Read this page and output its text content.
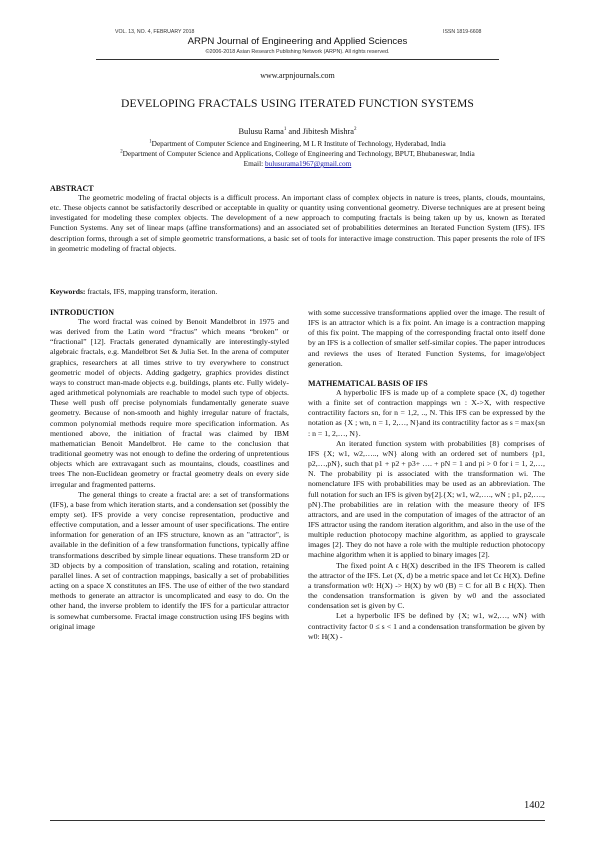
VOL. 13, NO. 4, FEBRUARY 2018	ISSN 1819-6608
ARPN Journal of Engineering and Applied Sciences
©2006-2018 Asian Research Publishing Network (ARPN). All rights reserved.
www.arpnjournals.com
DEVELOPING FRACTALS USING ITERATED FUNCTION SYSTEMS
Bulusu Rama$^1$ and Jibitesh Mishra$^2$
$^1$Department of Computer Science and Engineering, M L R Institute of Technology, Hyderabad, India
$^2$Department of Computer Science and Applications, College of Engineering and Technology, BPUT, Bhubaneswar, India
Email: bulusurama1967@gmail.com

ABSTRACT

The geometric modeling of fractal objects is a difficult process. An important class of complex objects in nature is trees, plants, clouds, mountains, etc. These objects cannot be satisfactorily described or acceptable in quality or quantity using conventional geometry. Diverse techniques are at present being investigated for modeling these complex objects. The development of a new approach to computing fractals is being taken up by us, known as Iterated Function Systems. Any set of linear maps (affine transformations) and an associated set of probabilities determines an Iterated Function System (IFS). IFS description forms, through a set of simple geometric transformations, a basic set of tools for interactive image construction. This paper presents the role of IFS in geometric modeling of fractal objects.

Keywords: fractals, IFS, mapping transform, iteration.

INTRODUCTION

The word fractal was coined by Benoit Mandelbrot in 1975 and was derived from the Latin word “fractus” which means “broken” or “fractional” [12]. Fractals generated dynamically are interestingly-styled algebraic fractals, e.g. Mandelbrot Set & Julia Set. In the arena of computer graphics, researchers at all times strive to try everywhere to construct geometric model of objects. Adding gadgetry, graphics provides distinct ways to construct man-made objects e.g. buildings, plants etc. Fully widely-aged arithmetical polynomials are reachable to model such type of objects. These well push off precise polynomials fundamentally generate suave geometry. Because of non-smooth and highly irregular nature of fractals, common polynomial methods require more specification information. As mentioned above, the initiation of fractal was claimed by IBM mathematician Benoit Mandelbrot. He came to the conclusion that traditional geometry was not enough to define the ordering of unpretentious objects which are extravagant such as mountains, clouds, coastlines and trees The non-Euclidean geometry or fractal geometry deals on every side irregular and fragmented patterns.

The general things to create a fractal are: a set of transformations (IFS), a base from which iteration starts, and a condensation set (possibly the empty set). IFS provide a very concise representation, productive and effective computation, and a lesser amount of user specifications. The entire information for generation of an IFS structure, known as an "attractor", is available in the definition of a few transformation functions, typically affine transformations described by simple linear equations. These transform 2D or 3D objects by a composition of translation, scaling and rotation, retaining parallel lines. A set of contraction mappings, basically a set of probabilities acting on a space X constitutes an IFS. The use of either of the two standard methods to generate an attractor is uncomplicated and easy to do. On the other hand, the inverse problem to identify the IFS for a particular attractor is somewhat cumbersome. Fractal image construction using IFS begins with original image

with some successive transformations applied over the image. The result of IFS is an attractor which is a fix point. An image is a contraction mapping of this fix point. The mapping of the corresponding fractal onto itself done by an IFS is a collection of smaller self-similar copies. The paper introduces and reviews the uses of Iterated Function Systems, for image/object generation.

MATHEMATICAL BASIS OF IFS

A hyperbolic IFS is made up of a complete space (X, d) together with a finite set of contraction mappings wn : X->X, with respective contractility factors sn, for n = 1,2, .., N. This IFS can be expressed by the notation as {X ; wn, n = 1, 2,…, N}and its contractility factor as s = max{sn : n = 1, 2,…, N}.

An iterated function system with probabilities [8} comprises of IFS {X; w1, w2,….., wN} along with an ordered set of numbers {p1, p2,…,pN}, such that p1 + p2 + p3+ …. + pN = 1 and pi > 0 for i = 1, 2,…, N. The probability pi is associated with the transformation wi. The nomenclature IFS with probabilities may be used as an abbreviation. The full notation for such an IFS is given by[2].{X; w1, w2,…., wN ; p1, p2,…., pN}.The probabilities are in relation with the measure theory of IFS attractors, and are used in the computation of images of the attractor of an IFS attractor using the random iteration algorithm, and also in the use of the multiple reduction photocopy machine algorithm, as applied to grayscale images [2]. They do not have a role with the multiple reduction photocopy machine algorithm when it is applied to binary images [2].

The fixed point A ϵ H(X) described in the IFS Theorem is called the attractor of the IFS. Let (X, d) be a metric space and let Cϵ H(X). Define a transformation w0: H(X) -> H(X) by w0 (B) = C for all B ϵ H(X). Then the condensation transformation is given by w0 and the associated condensation set is given by C.

Let a hyperbolic IFS be defined by {X; w1, w2,…, wN} with contractivity factor 0 ≤ s < 1 and a condensation transformation be given by w0: H(X) -

1402
